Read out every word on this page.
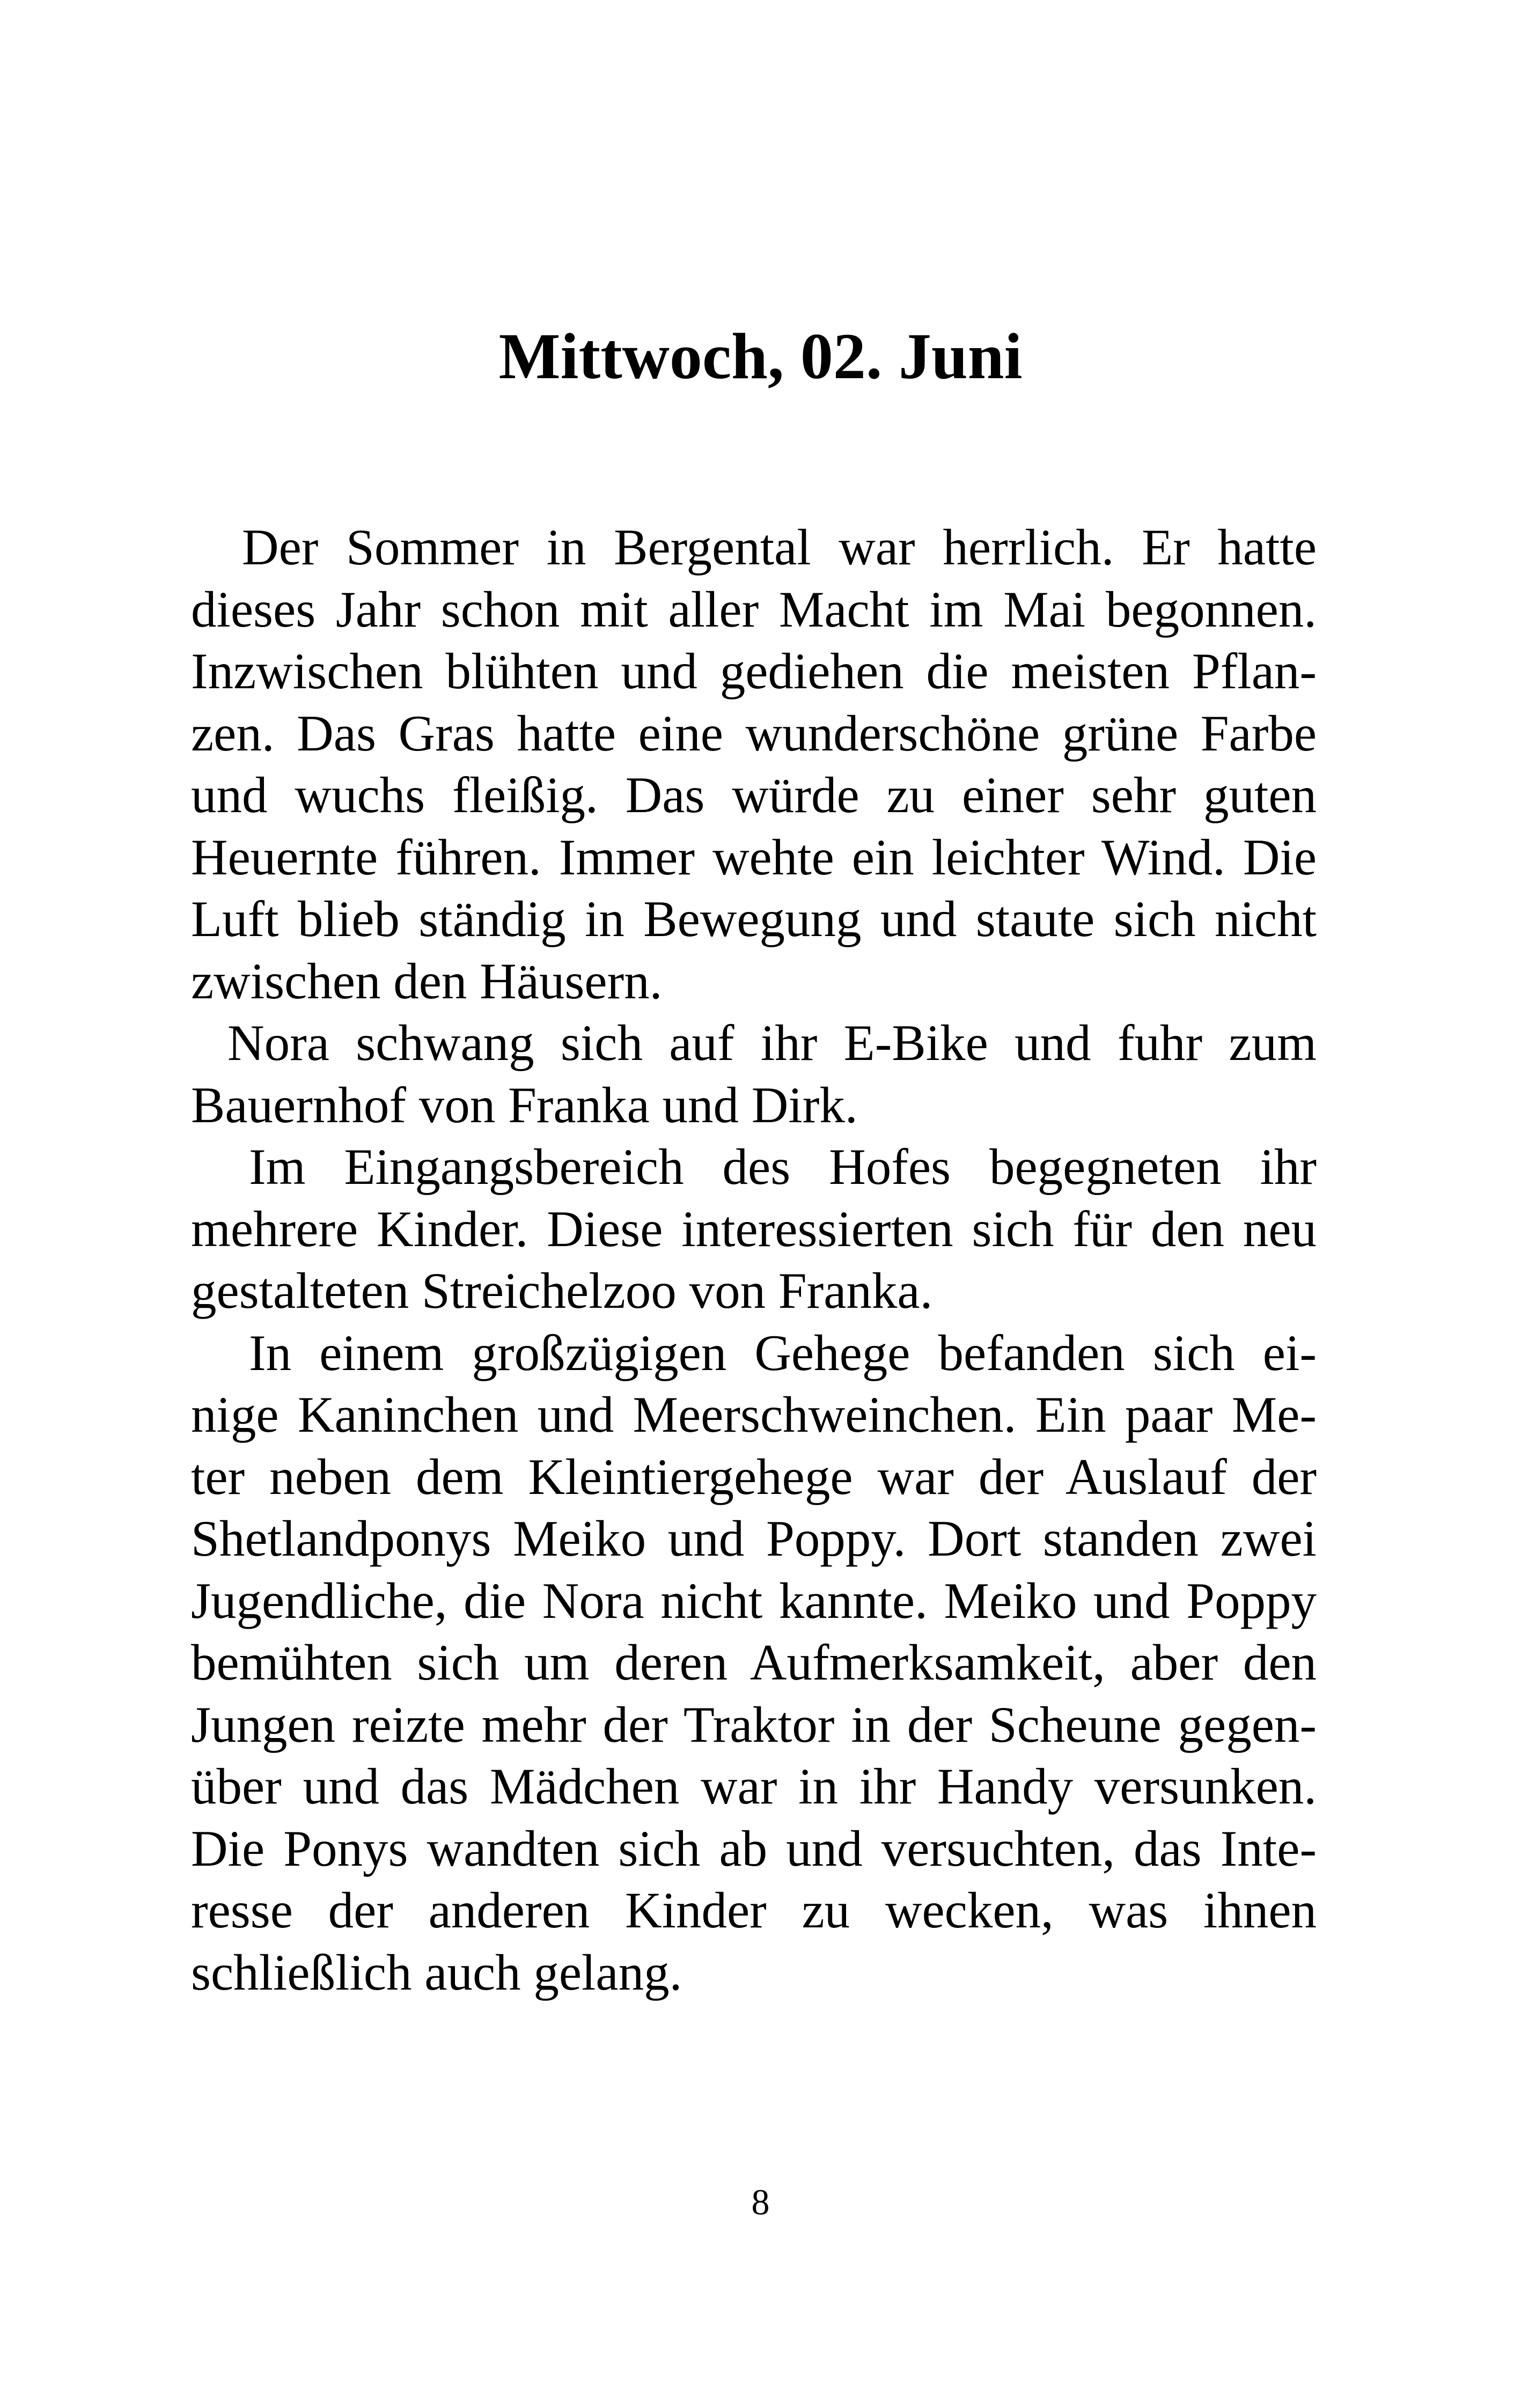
Mittwoch, 02. Juni
Der Sommer in Bergental war herrlich. Er hatte
dieses Jahr schon mit aller Macht im Mai begonnen.
Inzwischen blühten und gediehen die meisten Pflan-
zen. Das Gras hatte eine wunderschöne grüne Farbe
und wuchs fleißig. Das würde zu einer sehr guten
Heuernte führen. Immer wehte ein leichter Wind. Die
Luft blieb ständig in Bewegung und staute sich nicht
zwischen den Häusern.
Nora schwang sich auf ihr E-Bike und fuhr zum
Bauernhof von Franka und Dirk.
Im Eingangsbereich des Hofes begegneten ihr
mehrere Kinder. Diese interessierten sich für den neu
gestalteten Streichelzoo von Franka.
In einem großzügigen Gehege befanden sich ei-
nige Kaninchen und Meerschweinchen. Ein paar Me-
ter neben dem Kleintiergehege war der Auslauf der
Shetlandponys Meiko und Poppy. Dort standen zwei
Jugendliche, die Nora nicht kannte. Meiko und Poppy
bemühten sich um deren Aufmerksamkeit, aber den
Jungen reizte mehr der Traktor in der Scheune gegen-
über und das Mädchen war in ihr Handy versunken.
Die Ponys wandten sich ab und versuchten, das Inte-
resse der anderen Kinder zu wecken, was ihnen
schließlich auch gelang.
8
